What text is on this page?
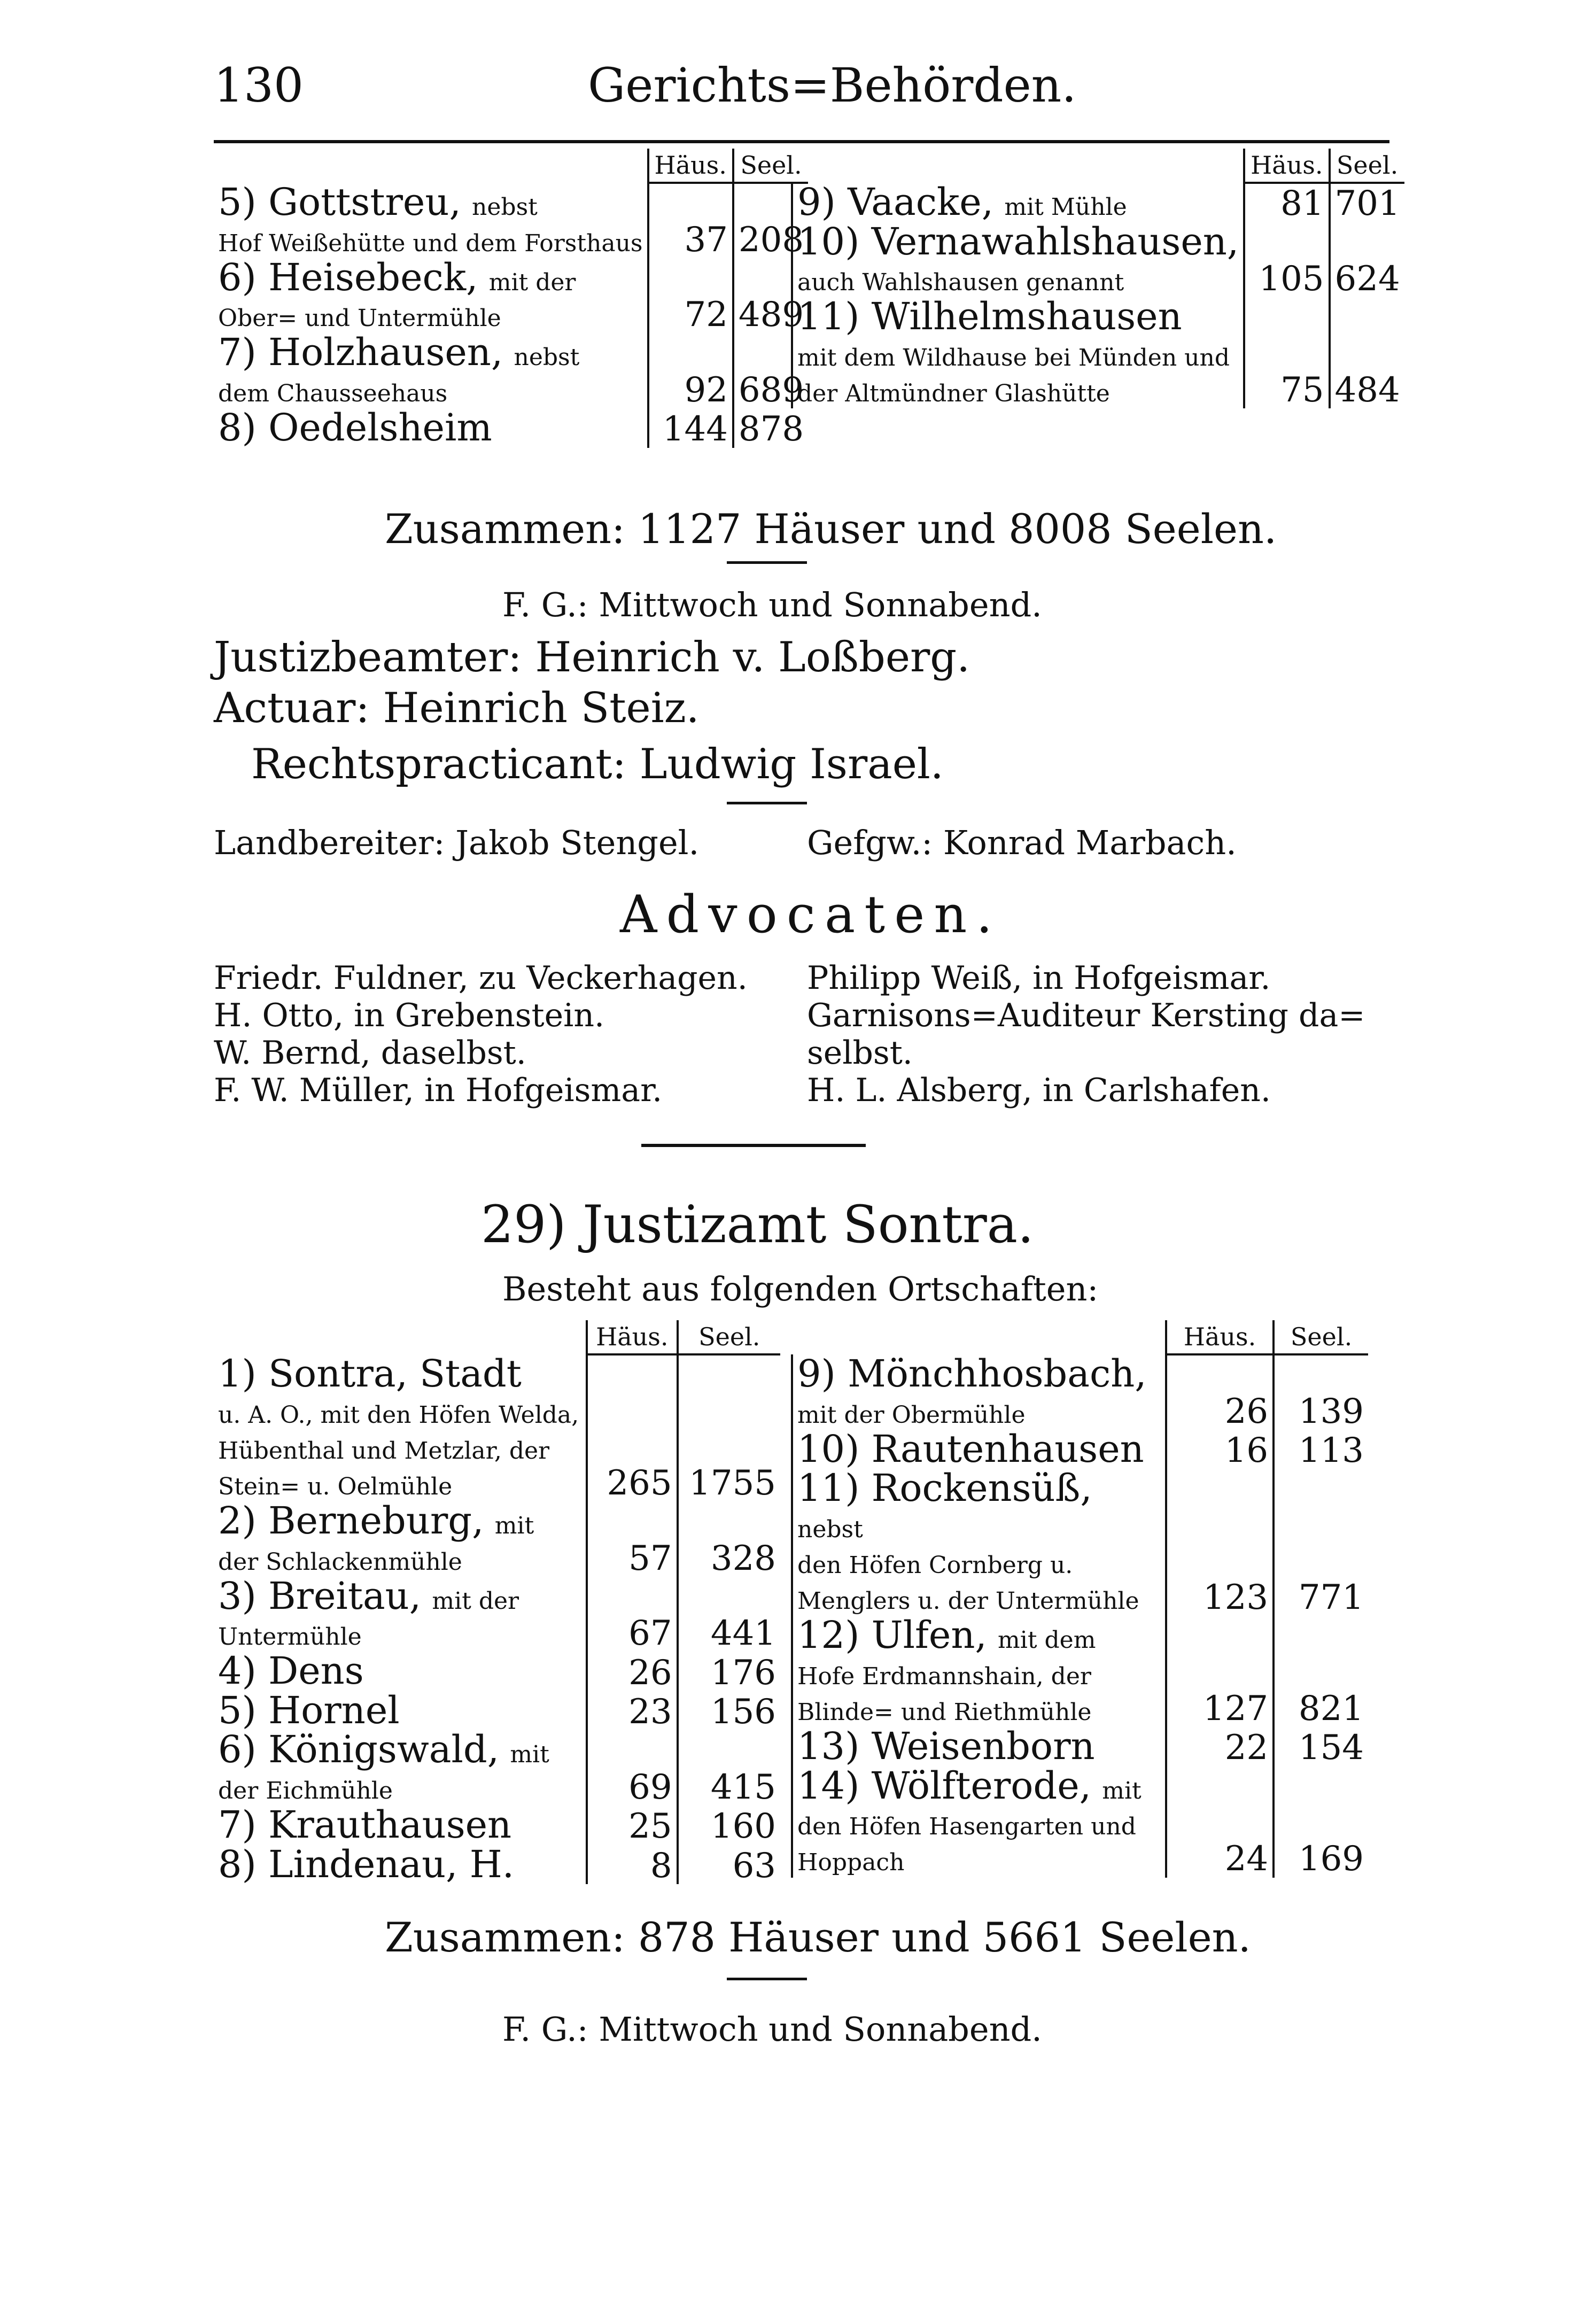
130	Gerichts=Behörden.
	Häus.	Seel.
5) Gottstreu, nebst
Hof Weißehütte und dem Forsthaus	37	208
6) Heisebeck, mit der
Ober= und Untermühle	72	489
7) Holzhausen, nebst
dem Chausseehaus	92	689
8) Oedelsheim	144	878
	Häus.	Seel.
9) Vaacke, mit Mühle	81	701
10) Vernawahlshausen,
auch Wahlshausen genannt	105	624
11) Wilhelmshausen
mit dem Wildhause bei Münden und der Altmündner Glashütte	75	484
Zusammen: 1127 Häuser und 8008 Seelen.
F. G.: Mittwoch und Sonnabend.
Justizbeamter: Heinrich v. Loßberg.
Actuar: Heinrich Steiz.
Rechtspracticant: Ludwig Israel.
Landbereiter: Jakob Stengel.	Gefgw.: Konrad Marbach.
Advocaten.
Friedr. Fuldner, zu Veckerhagen.
H. Otto, in Grebenstein.
W. Bernd, daselbst.
F. W. Müller, in Hofgeismar.
Philipp Weiß, in Hofgeismar.
Garnisons=Auditeur Kersting da=
selbst.
H. L. Alsberg, in Carlshafen.
29) Justizamt Sontra.
Besteht aus folgenden Ortschaften:
	Häus.	Seel.
1) Sontra, Stadt
u. A. O., mit den Höfen Welda, Hübenthal und Metzlar, der Stein= u. Oelmühle	265	1755
2) Berneburg, mit
der Schlackenmühle	57	328
3) Breitau, mit der
Untermühle	67	441
4) Dens	26	176
5) Hornel	23	156
6) Königswald, mit
der Eichmühle	69	415
7) Krauthausen	25	160
8) Lindenau, H.	8	63
	Häus.	Seel.
9) Mönchhosbach,
mit der Obermühle	26	139
10) Rautenhausen	16	113
11) Rockensüß, nebst
den Höfen Cornberg u. Menglers u. der Untermühle	123	771
12) Ulfen, mit dem
Hofe Erdmannshain, der Blinde= und Riethmühle	127	821
13) Weisenborn	22	154
14) Wölfterode, mit
den Höfen Hasengarten und Hoppach	24	169
Zusammen: 878 Häuser und 5661 Seelen.
F. G.: Mittwoch und Sonnabend.
